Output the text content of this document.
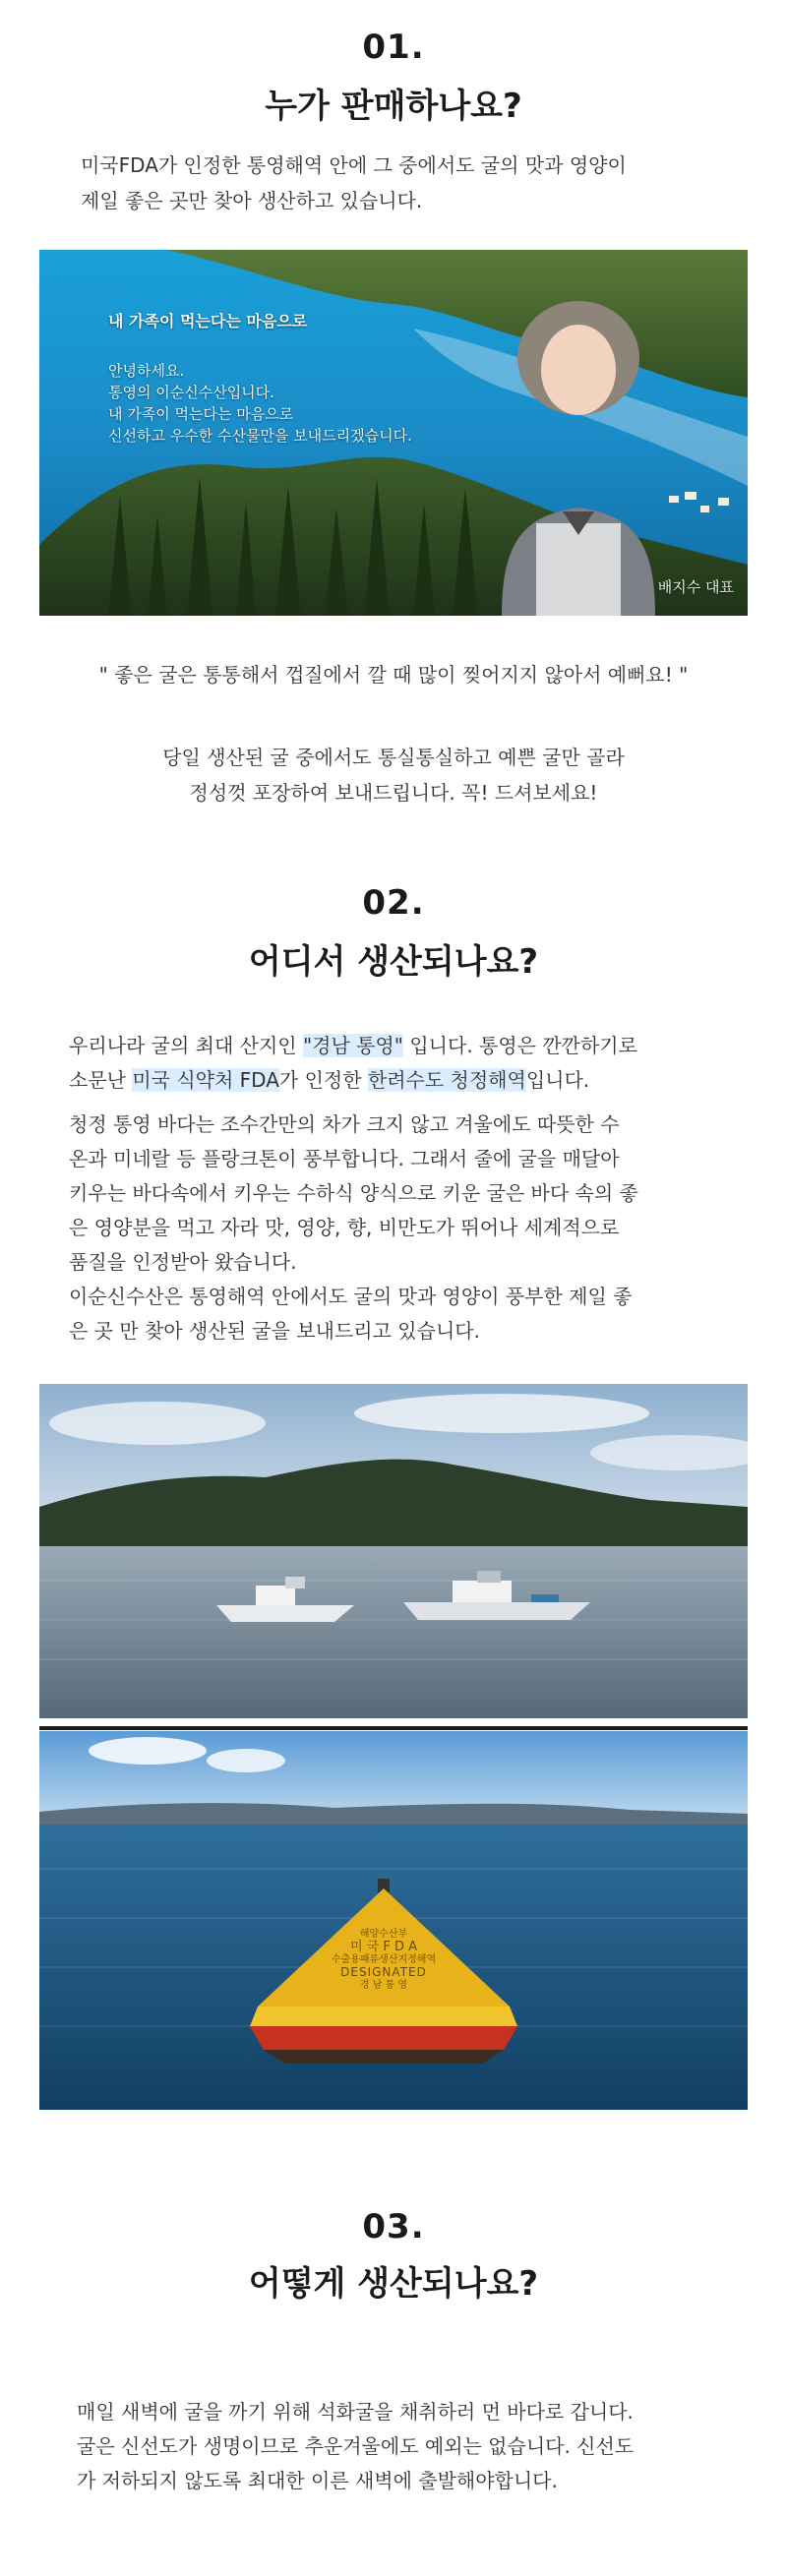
01.
누가 판매하나요?
미국FDA가 인정한 통영해역 안에 그 중에서도 굴의 맛과 영양이
제일 좋은 곳만 찾아 생산하고 있습니다.
내 가족이 먹는다는 마음으로
안녕하세요.
통영의 이순신수산입니다.
내 가족이 먹는다는 마음으로
신선하고 우수한 수산물만을 보내드리겠습니다.
배지수 대표
" 좋은 굴은 통통해서 껍질에서 깔 때 많이 찢어지지 않아서 예뻐요! "
당일 생산된 굴 중에서도 통실통실하고 예쁜 굴만 골라
정성껏 포장하여 보내드립니다. 꼭! 드셔보세요!
02.
어디서 생산되나요?
우리나라 굴의 최대 산지인 "경남 통영" 입니다. 통영은 깐깐하기로
소문난 미국 식약처 FDA가 인정한 한려수도 청정해역입니다.
청정 통영 바다는 조수간만의 차가 크지 않고 겨울에도 따뜻한 수
온과 미네랄 등 플랑크톤이 풍부합니다. 그래서 줄에 굴을 매달아
키우는 바다속에서 키우는 수하식 양식으로 키운 굴은 바다 속의 좋
은 영양분을 먹고 자라 맛, 영양, 향, 비만도가 뛰어나 세계적으로
품질을 인정받아 왔습니다.
이순신수산은 통영해역 안에서도 굴의 맛과 영양이 풍부한 제일 좋
은 곳 만 찾아 생산된 굴을 보내드리고 있습니다.
해양수산부
미 국 F D A
수출용패류생산지정해역
DESIGNATED
경 남 통 영
03.
어떻게 생산되나요?
매일 새벽에 굴을 까기 위해 석화굴을 채취하러 먼 바다로 갑니다.
굴은 신선도가 생명이므로 추운겨울에도 예외는 없습니다. 신선도
가 저하되지 않도록 최대한 이른 새벽에 출발해야합니다.
